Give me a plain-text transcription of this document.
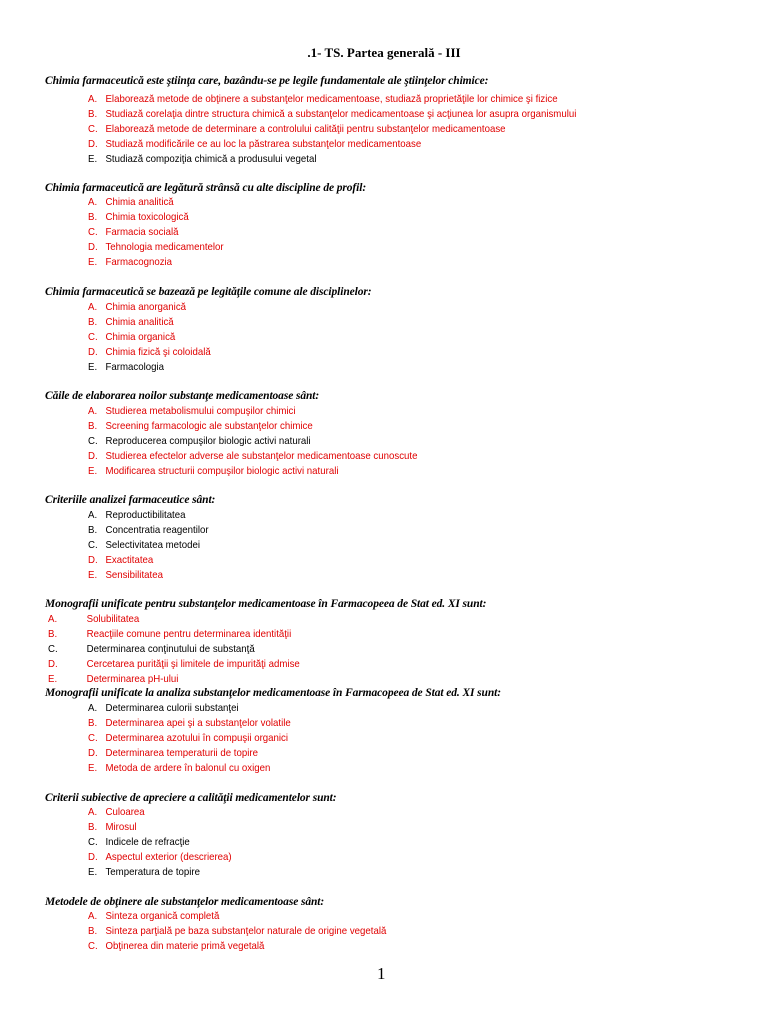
.1- TS. Partea generală - III
Chimia farmaceutică este ştiinţa care, bazându-se pe legile fundamentale ale ştiinţelor chimice:
A. Elaborează metode de obţinere a substanţelor medicamentoase, studiază proprietăţile lor chimice şi fizice
B. Studiază corelaţia dintre structura chimică a substanţelor medicamentoase şi acţiunea lor asupra organismului
C. Elaborează metode de determinare a controlului calităţii pentru substanţelor medicamentoase
D. Studiază modificările ce au loc la păstrarea substanţelor medicamentoase
E. Studiază compoziţia chimică a produsului vegetal
Chimia farmaceutică are legătură strânsă cu alte discipline de profil:
A. Chimia analitică
B. Chimia toxicologică
C. Farmacia socială
D. Tehnologia medicamentelor
E. Farmacognozia
Chimia farmaceutică se bazează pe legităţile comune ale disciplinelor:
A. Chimia anorganică
B. Chimia analitică
C. Chimia organică
D. Chimia fizică şi coloidală
E. Farmacologia
Căile de elaborarea noilor substanţe medicamentoase sânt:
A. Studierea metabolismului compuşilor chimici
B. Screening farmacologic ale substanţelor chimice
C. Reproducerea compuşilor biologic activi naturali
D. Studierea efectelor adverse ale substanţelor medicamentoase cunoscute
E. Modificarea structurii compuşilor biologic activi naturali
Criteriile analizei farmaceutice sânt:
A. Reproductibilitatea
B. Concentratia reagentilor
C. Selectivitatea metodei
D. Exactitatea
E. Sensibilitatea
Monografii unificate pentru substanţelor medicamentoase în Farmacopeea de Stat ed. XI sunt:
A.	Solubilitatea
B.	Reacţiile comune pentru determinarea identităţii
C.	Determinarea conţinutului de substanţă
D.	Cercetarea purităţii şi limitele de impurităţi admise
E.	Determinarea pH-ului
Monografii unificate la analiza substanţelor medicamentoase în Farmacopeea de Stat ed. XI sunt:
A. Determinarea culorii substanţei
B. Determinarea apei şi a substanţelor volatile
C. Determinarea azotului în compuşii organici
D. Determinarea temperaturii de topire
E. Metoda de ardere în balonul cu oxigen
Criterii subiective de apreciere a calităţii medicamentelor sunt:
A. Culoarea
B. Mirosul
C. Indicele de refracţie
D. Aspectul exterior (descrierea)
E. Temperatura de topire
Metodele de obţinere ale substanţelor medicamentoase sânt:
A. Sinteza organică completă
B. Sinteza parţială pe baza substanţelor naturale de origine vegetală
C. Obţinerea din materie primă vegetală
1
